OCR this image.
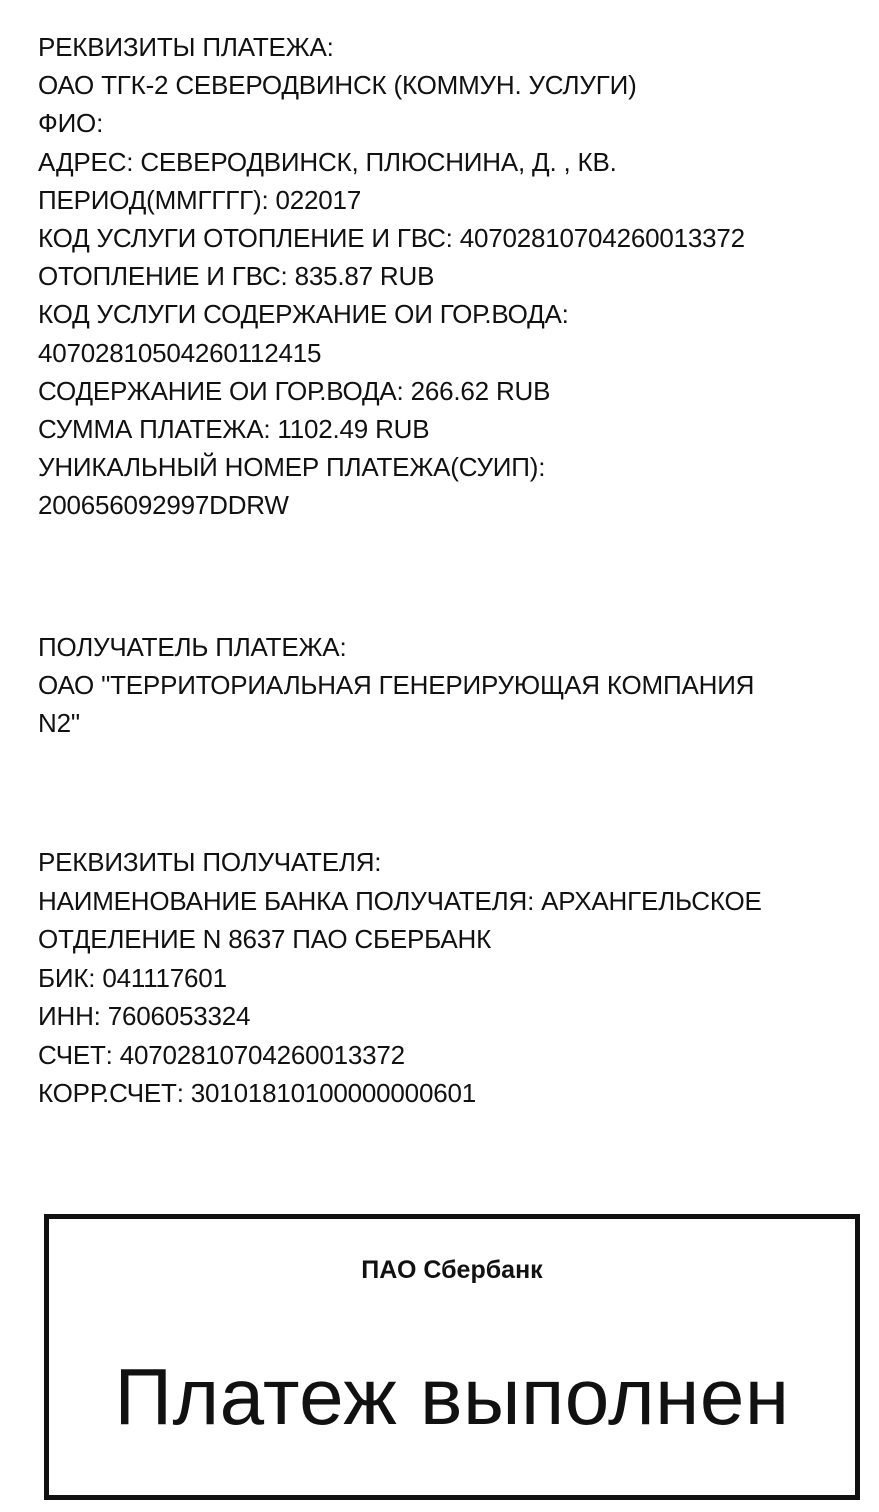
РЕКВИЗИТЫ ПЛАТЕЖА:
ОАО ТГК-2 СЕВЕРОДВИНСК (КОММУН. УСЛУГИ)
ФИО:
АДРЕС: СЕВЕРОДВИНСК, ПЛЮСНИНА, Д. , КВ.
ПЕРИОД(ММГГГГ): 022017
КОД УСЛУГИ ОТОПЛЕНИЕ И ГВС: 40702810704260013372
ОТОПЛЕНИЕ И ГВС: 835.87 RUB
КОД УСЛУГИ СОДЕРЖАНИЕ ОИ ГОР.ВОДА:
40702810504260112415
СОДЕРЖАНИЕ ОИ ГОР.ВОДА: 266.62 RUB
СУММА ПЛАТЕЖА: 1102.49 RUB
УНИКАЛЬНЫЙ НОМЕР ПЛАТЕЖА(СУИП):
200656092997DDRW
ПОЛУЧАТЕЛЬ ПЛАТЕЖА:
ОАО "ТЕРРИТОРИАЛЬНАЯ ГЕНЕРИРУЮЩАЯ КОМПАНИЯ
N2"
РЕКВИЗИТЫ ПОЛУЧАТЕЛЯ:
НАИМЕНОВАНИЕ БАНКА ПОЛУЧАТЕЛЯ: АРХАНГЕЛЬСКОЕ
ОТДЕЛЕНИЕ N 8637 ПАО СБЕРБАНК
БИК: 041117601
ИНН: 7606053324
СЧЕТ: 40702810704260013372
КОРР.СЧЕТ: 30101810100000000601
ПАО Сбербанк
Платеж выполнен
